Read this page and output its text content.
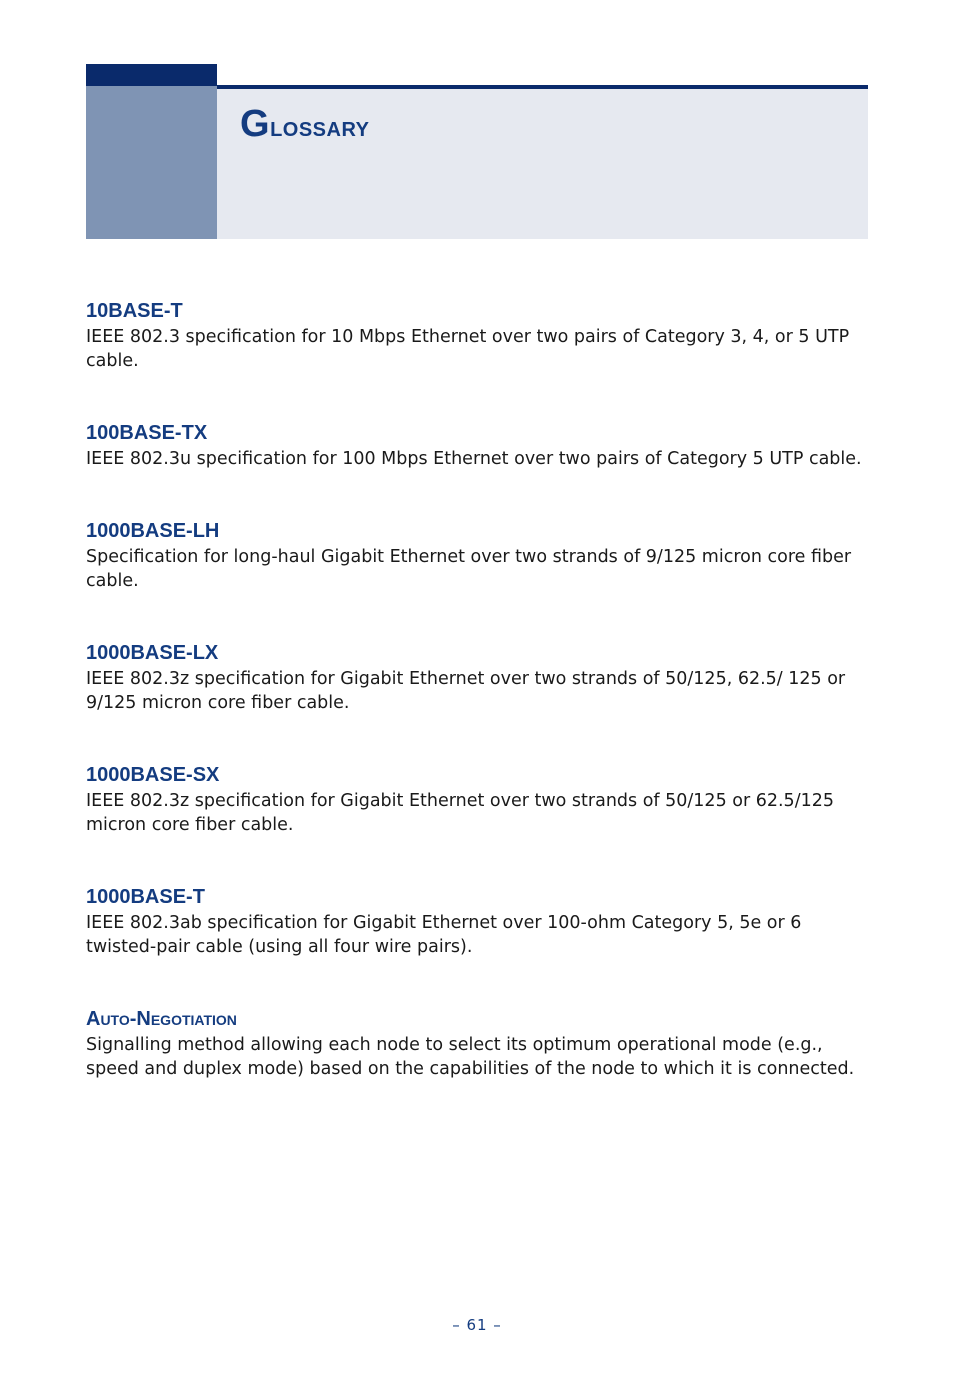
Glossary
10BASE-T

IEEE 802.3 specification for 10 Mbps Ethernet over two pairs of Category 3, 4, or 5 UTP cable.

100BASE-TX

IEEE 802.3u specification for 100 Mbps Ethernet over two pairs of Category 5 UTP cable.

1000BASE-LH

Specification for long-haul Gigabit Ethernet over two strands of 9/125 micron core fiber cable.

1000BASE-LX

IEEE 802.3z specification for Gigabit Ethernet over two strands of 50/125, 62.5/ 125 or 9/125 micron core fiber cable.

1000BASE-SX

IEEE 802.3z specification for Gigabit Ethernet over two strands of 50/125 or 62.5/125 micron core fiber cable.

1000BASE-T

IEEE 802.3ab specification for Gigabit Ethernet over 100-ohm Category 5, 5e or 6 twisted-pair cable (using all four wire pairs).

Auto-Negotiation

Signalling method allowing each node to select its optimum operational mode (e.g., speed and duplex mode) based on the capabilities of the node to which it is connected.

– 61 –
